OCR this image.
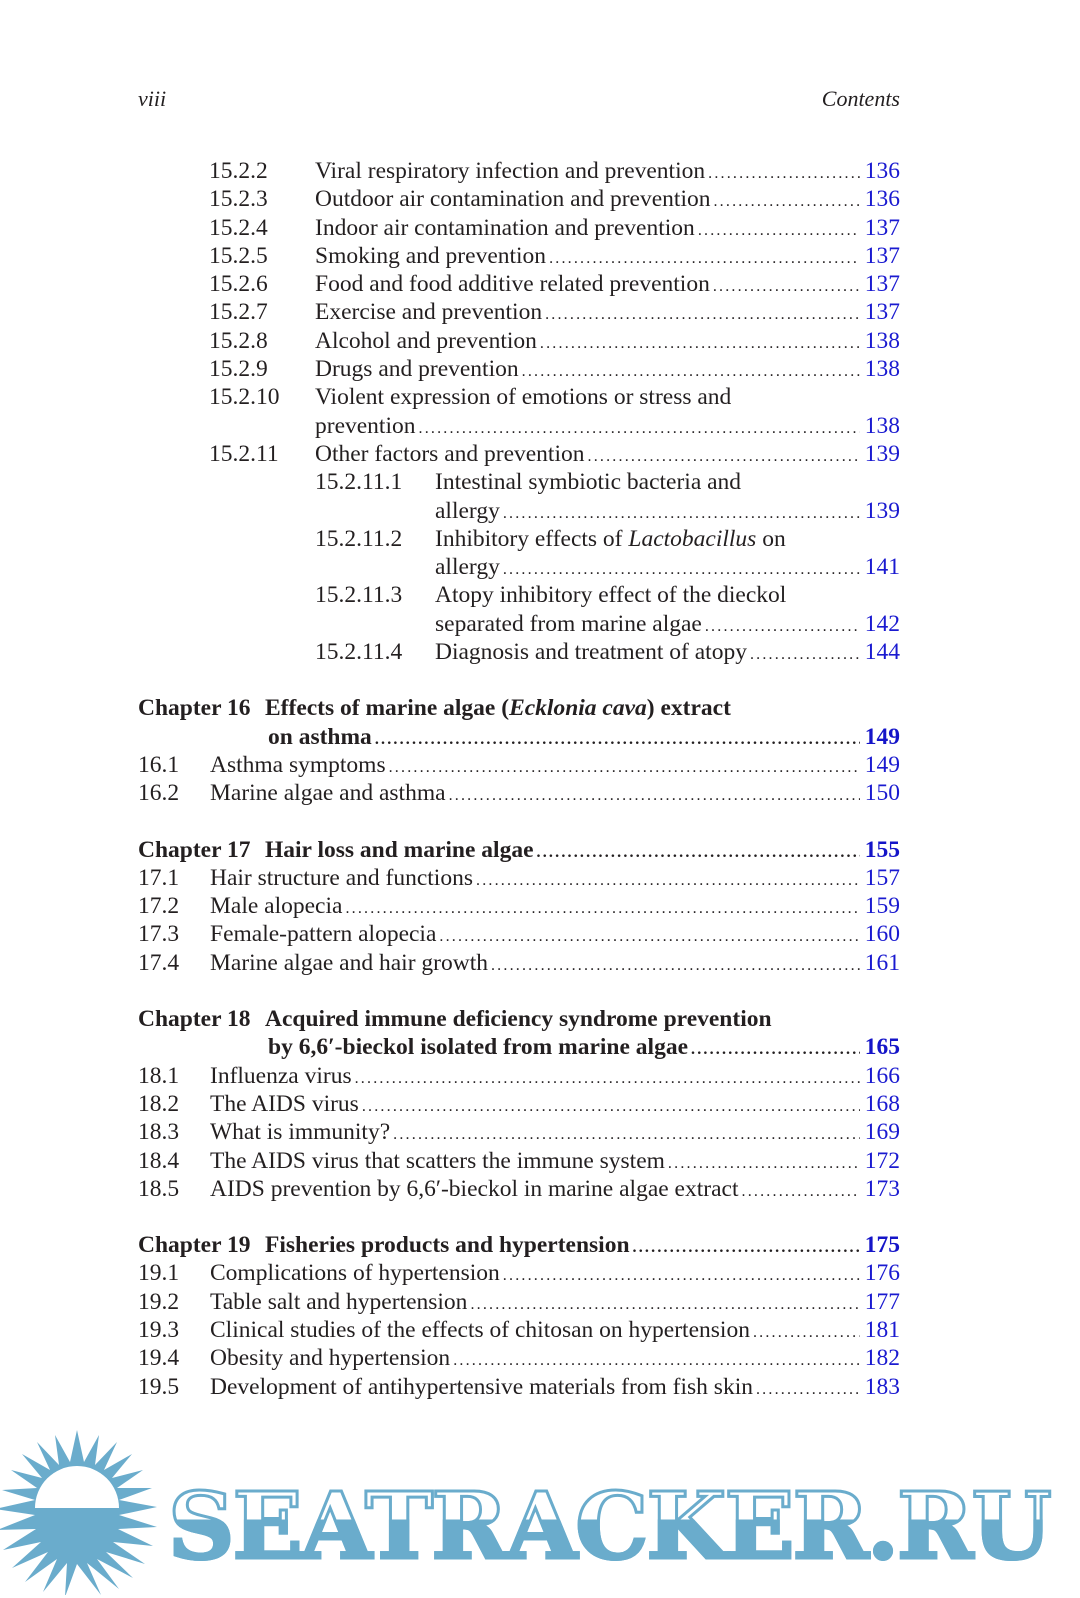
viii	Contents
15.2.2 Viral respiratory infection and prevention .....	136
15.2.3 Outdoor air contamination and prevention .....	136
15.2.4 Indoor air contamination and prevention .....	137
15.2.5 Smoking and prevention .....	137
15.2.6 Food and food additive related prevention .....	137
15.2.7 Exercise and prevention .....	137
15.2.8 Alcohol and prevention .....	138
15.2.9 Drugs and prevention .....	138
15.2.10 Violent expression of emotions or stress and
prevention .....	138
15.2.11 Other factors and prevention .....	139
15.2.11.1 Intestinal symbiotic bacteria and
allergy .....	139
15.2.11.2 Inhibitory effects of Lactobacillus on
allergy .....	141
15.2.11.3 Atopy inhibitory effect of the dieckol
separated from marine algae .....	142
15.2.11.4 Diagnosis and treatment of atopy .....	144
Chapter 16 Effects of marine algae (Ecklonia cava) extract
on asthma .....	149
16.1 Asthma symptoms .....	149
16.2 Marine algae and asthma .....	150
Chapter 17 Hair loss and marine algae .....	155
17.1 Hair structure and functions .....	157
17.2 Male alopecia .....	159
17.3 Female-pattern alopecia .....	160
17.4 Marine algae and hair growth .....	161
Chapter 18 Acquired immune deficiency syndrome prevention
by 6,6′-bieckol isolated from marine algae .....	165
18.1 Influenza virus .....	166
18.2 The AIDS virus .....	168
18.3 What is immunity? .....	169
18.4 The AIDS virus that scatters the immune system .....	172
18.5 AIDS prevention by 6,6′-bieckol in marine algae extract .....	173
Chapter 19 Fisheries products and hypertension .....	175
19.1 Complications of hypertension .....	176
19.2 Table salt and hypertension .....	177
19.3 Clinical studies of the effects of chitosan on hypertension .....	181
19.4 Obesity and hypertension .....	182
19.5 Development of antihypertensive materials from fish skin .....	183
SEATRACKER.RU
